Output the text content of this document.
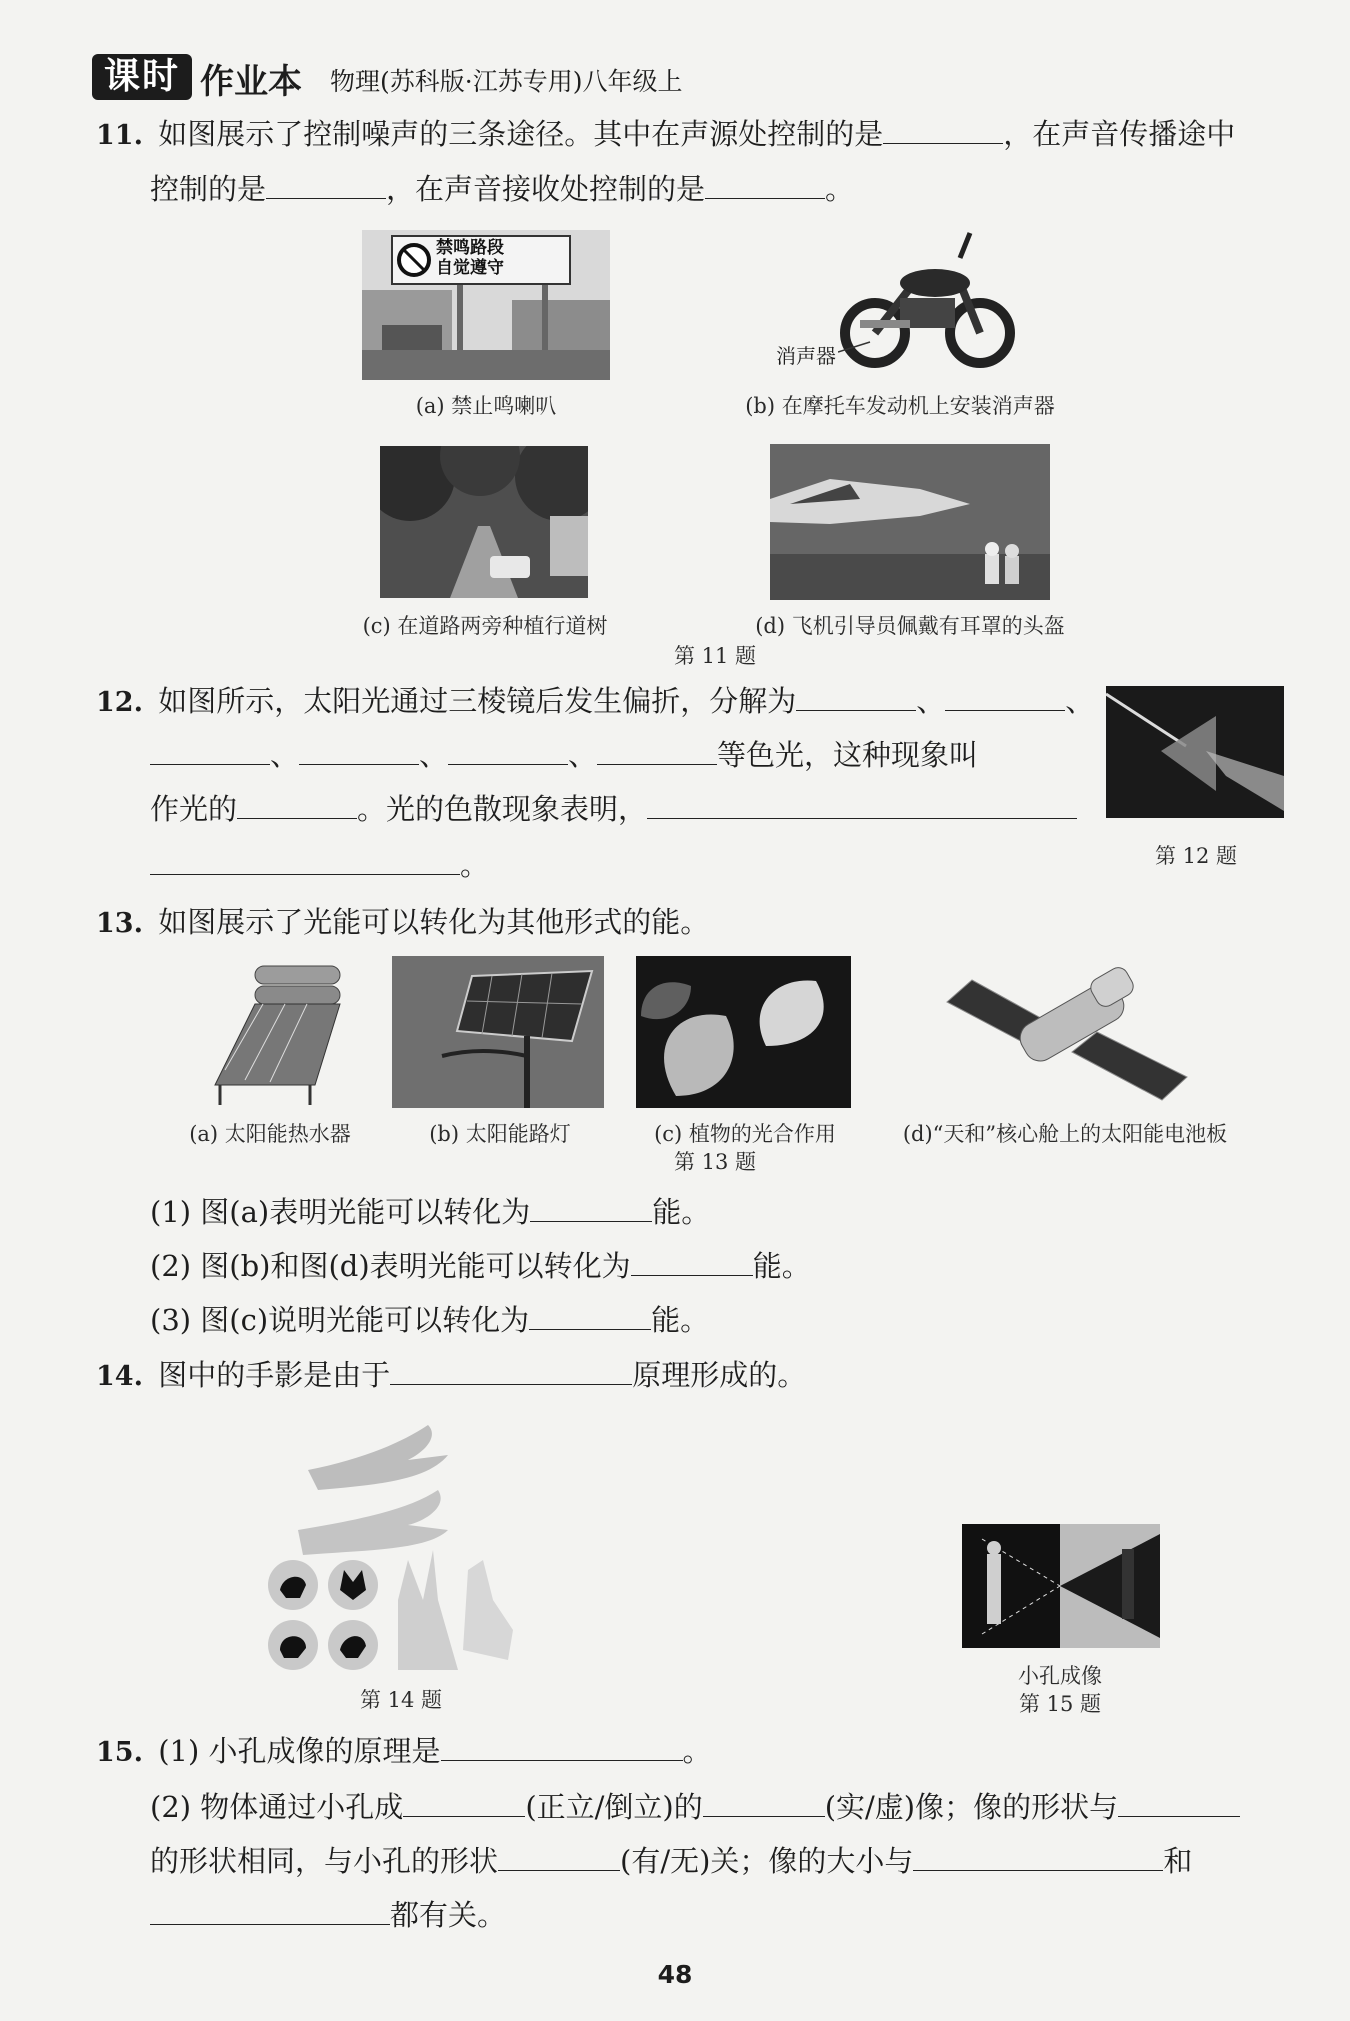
课时 作业本 物理(苏科版·江苏专用)八年级上
11. 如图展示了控制噪声的三条途径。其中在声源处控制的是	，在声音传播途中
控制的是	，在声音接收处控制的是	。
禁鸣路段
自觉遵守
(a) 禁止鸣喇叭
消声器
(b) 在摩托车发动机上安装消声器
(c) 在道路两旁种植行道树	(d) 飞机引导员佩戴有耳罩的头盔
第 11 题
12. 如图所示，太阳光通过三棱镜后发生偏折，分解为	、	、
、	、	、	等色光，这种现象叫
作光的	。光的色散现象表明，
。	第 12 题
13. 如图展示了光能可以转化为其他形式的能。
(a) 太阳能热水器	(b) 太阳能路灯	(c) 植物的光合作用	(d)“天和”核心舱上的太阳能电池板
第 13 题
(1) 图(a)表明光能可以转化为	能。
(2) 图(b)和图(d)表明光能可以转化为	能。
(3) 图(c)说明光能可以转化为	能。
14. 图中的手影是由于	原理形成的。
第 14 题
小孔成像
第 15 题
15. (1) 小孔成像的原理是	。
(2) 物体通过小孔成	(正立/倒立)的	(实/虚)像；像的形状与
的形状相同，与小孔的形状	(有/无)关；像的大小与	和
都有关。
48
